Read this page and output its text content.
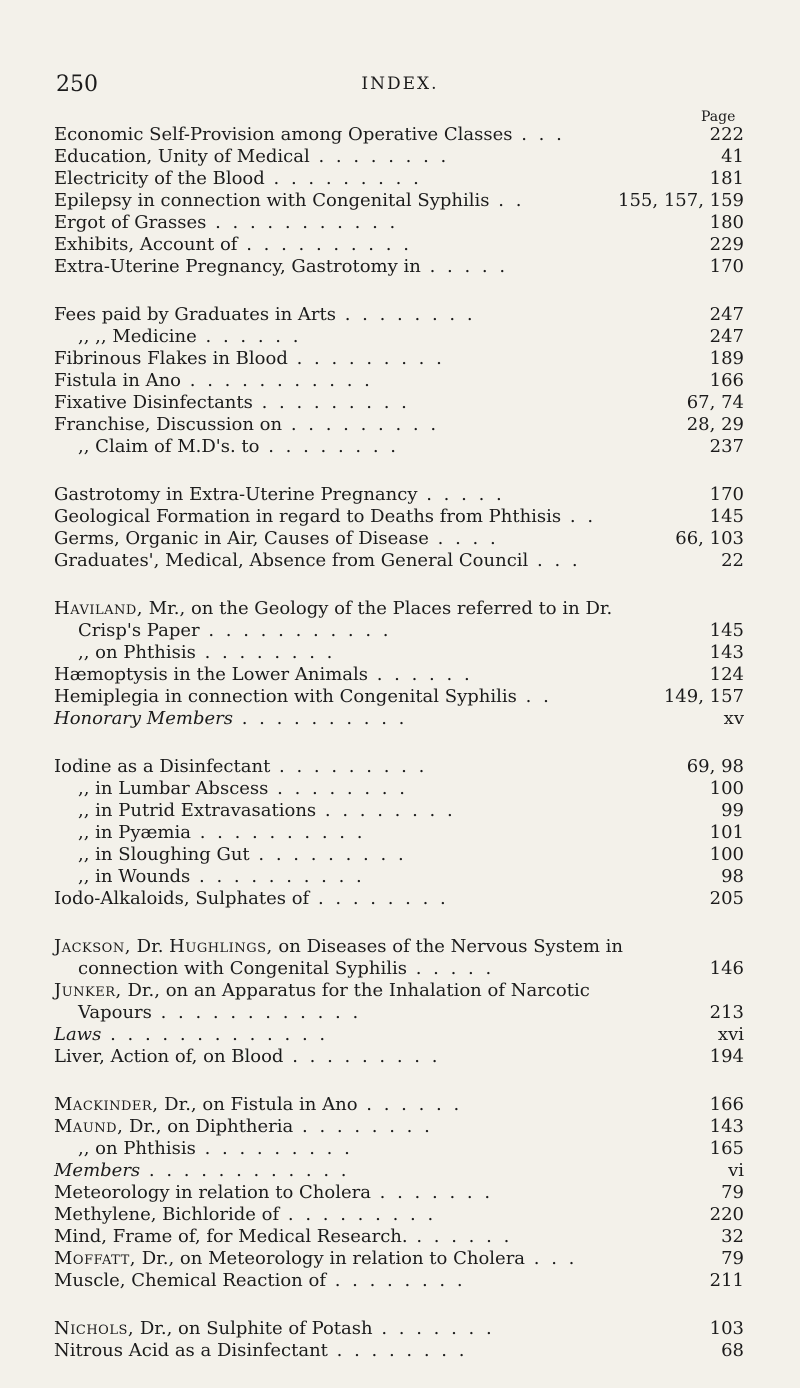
250	INDEX.
Page
Economic Self-Provision among Operative Classes . . .	222
Education, Unity of Medical . . . . . . . .	41
Electricity of the Blood . . . . . . . . .	181
Epilepsy in connection with Congenital Syphilis . .	155, 157, 159
Ergot of Grasses . . . . . . . . . . .	180
Exhibits, Account of . . . . . . . . . .	229
Extra-Uterine Pregnancy, Gastrotomy in . . . . .	170
Fees paid by Graduates in Arts . . . . . . . .	247
,, ,, Medicine . . . . . .	247
Fibrinous Flakes in Blood . . . . . . . . .	189
Fistula in Ano . . . . . . . . . . .	166
Fixative Disinfectants . . . . . . . . .	67, 74
Franchise, Discussion on . . . . . . . . .	28, 29
,, Claim of M.D's. to . . . . . . . .	237
Gastrotomy in Extra-Uterine Pregnancy . . . . .	170
Geological Formation in regard to Deaths from Phthisis . .	145
Germs, Organic in Air, Causes of Disease . . . .	66, 103
Graduates', Medical, Absence from General Council . . .	22
Haviland, Mr., on the Geology of the Places referred to in Dr.
Crisp's Paper . . . . . . . . . . .	145
,, on Phthisis . . . . . . . .	143
Hæmoptysis in the Lower Animals . . . . . .	124
Hemiplegia in connection with Congenital Syphilis . .	149, 157
Honorary Members . . . . . . . . . .	xv
Iodine as a Disinfectant . . . . . . . . .	69, 98
,, in Lumbar Abscess . . . . . . . .	100
,, in Putrid Extravasations . . . . . . . .	99
,, in Pyæmia . . . . . . . . . .	101
,, in Sloughing Gut . . . . . . . . .	100
,, in Wounds . . . . . . . . . .	98
Iodo-Alkaloids, Sulphates of . . . . . . . .	205
Jackson, Dr. Hughlings, on Diseases of the Nervous System in
connection with Congenital Syphilis . . . . .	146
Junker, Dr., on an Apparatus for the Inhalation of Narcotic
Vapours . . . . . . . . . . . .	213
Laws . . . . . . . . . . . . .	xvi
Liver, Action of, on Blood . . . . . . . . .	194
Mackinder, Dr., on Fistula in Ano . . . . . .	166
Maund, Dr., on Diphtheria . . . . . . . .	143
,, on Phthisis . . . . . . . . .	165
Members . . . . . . . . . . . .	vi
Meteorology in relation to Cholera . . . . . . .	79
Methylene, Bichloride of . . . . . . . . .	220
Mind, Frame of, for Medical Research. . . . . . .	32
Moffatt, Dr., on Meteorology in relation to Cholera . . .	79
Muscle, Chemical Reaction of . . . . . . . .	211
Nichols, Dr., on Sulphite of Potash . . . . . . .	103
Nitrous Acid as a Disinfectant . . . . . . . .	68
